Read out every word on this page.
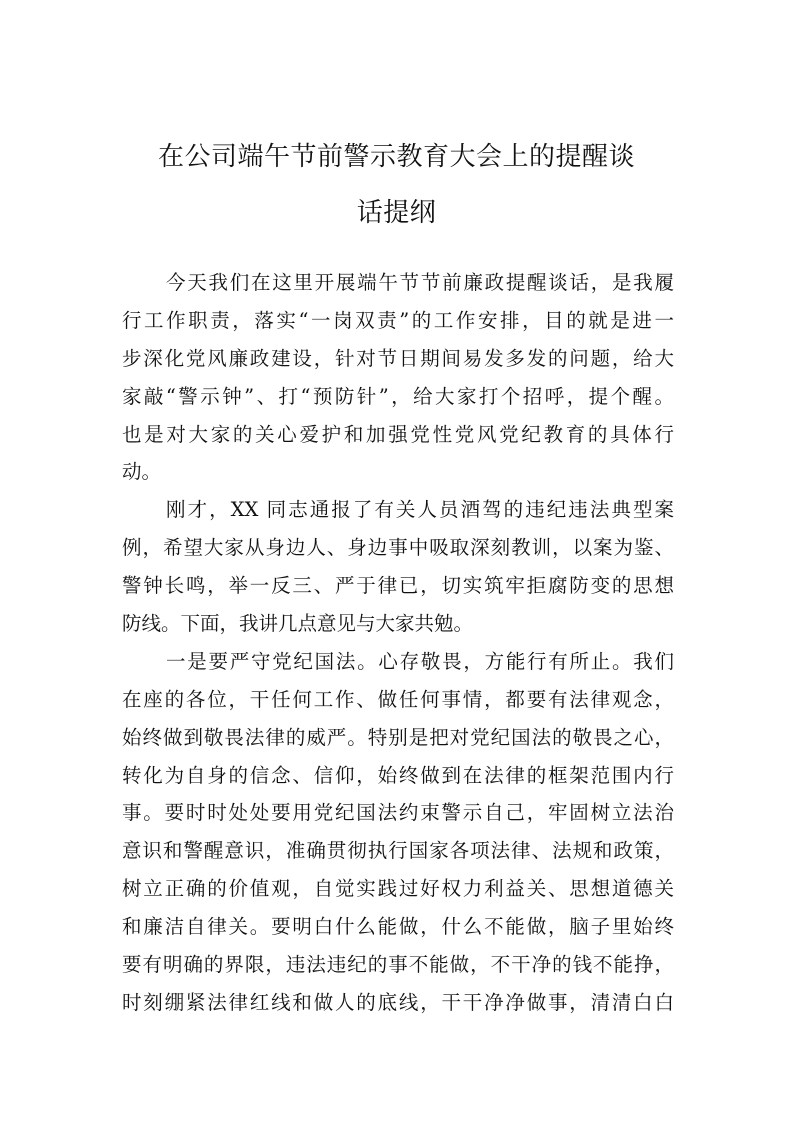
在公司端午节前警示教育大会上的提醒谈
话提纲
今天我们在这里开展端午节节前廉政提醒谈话，是我履
行工作职责，落实“一岗双责”的工作安排，目的就是进一
步深化党风廉政建设，针对节日期间易发多发的问题，给大
家敲“警示钟”、打“预防针”，给大家打个招呼，提个醒。
也是对大家的关心爱护和加强党性党风党纪教育的具体行
动。
刚才，XX 同志通报了有关人员酒驾的违纪违法典型案
例，希望大家从身边人、身边事中吸取深刻教训，以案为鉴、
警钟长鸣，举一反三、严于律已，切实筑牢拒腐防变的思想
防线。下面，我讲几点意见与大家共勉。
一是要严守党纪国法。心存敬畏，方能行有所止。我们
在座的各位，干任何工作、做任何事情，都要有法律观念，
始终做到敬畏法律的威严。特别是把对党纪国法的敬畏之心，
转化为自身的信念、信仰，始终做到在法律的框架范围内行
事。要时时处处要用党纪国法约束警示自己，牢固树立法治
意识和警醒意识，准确贯彻执行国家各项法律、法规和政策，
树立正确的价值观，自觉实践过好权力利益关、思想道德关
和廉洁自律关。要明白什么能做，什么不能做，脑子里始终
要有明确的界限，违法违纪的事不能做，不干净的钱不能挣，
时刻绷紧法律红线和做人的底线，干干净净做事，清清白白
